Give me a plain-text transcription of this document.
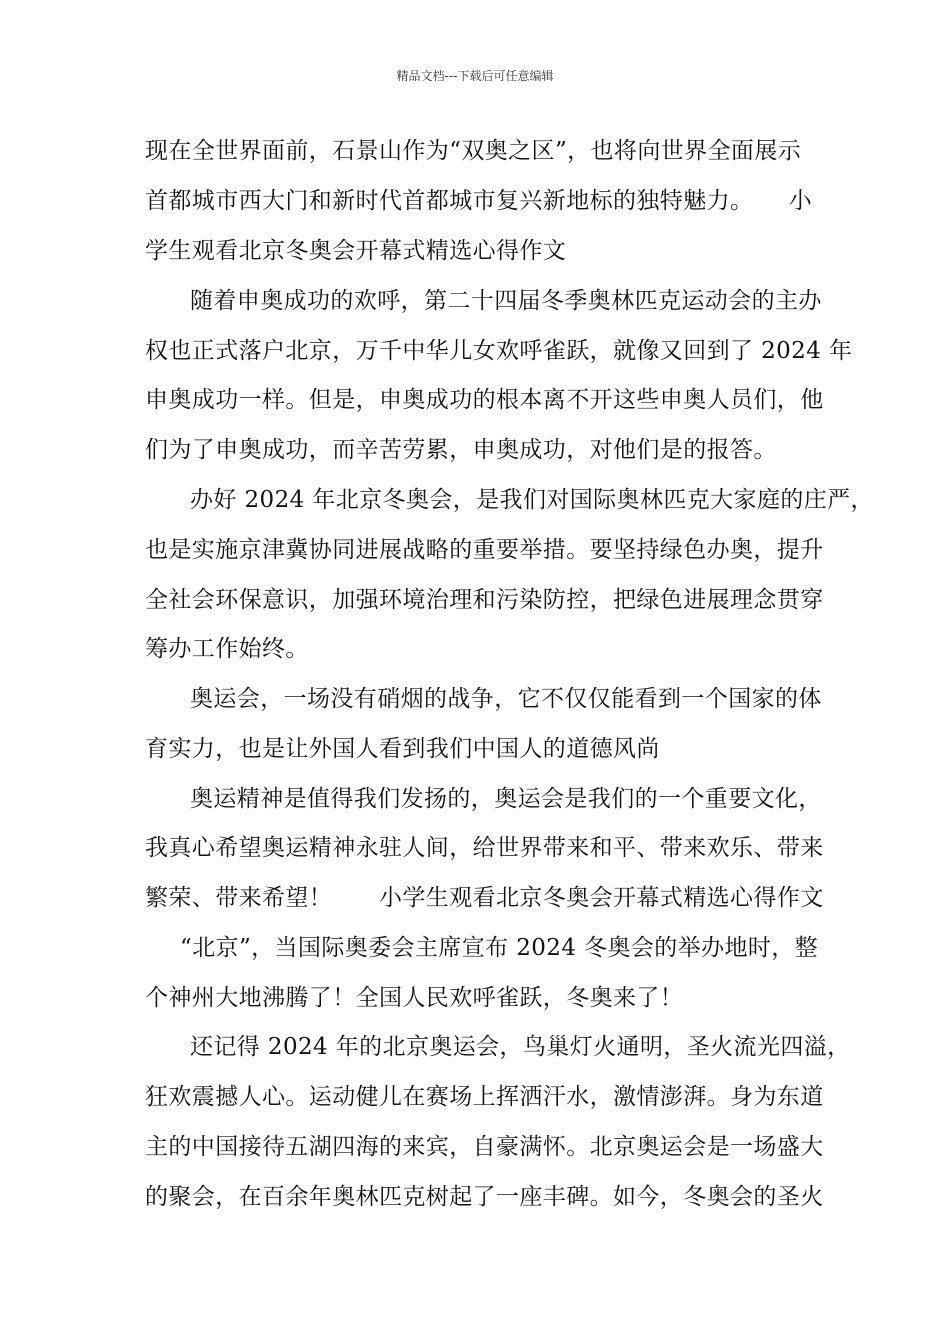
精品文档---下载后可任意编辑
现在全世界面前，石景山作为“双奥之区”，也将向世界全面展示
首都城市西大门和新时代首都城市复兴新地标的独特魅力。　　小
学生观看北京冬奥会开幕式精选心得作文
随着申奥成功的欢呼，第二十四届冬季奥林匹克运动会的主办
权也正式落户北京，万千中华儿女欢呼雀跃，就像又回到了 2024 年
申奥成功一样。但是，申奥成功的根本离不开这些申奥人员们，他
们为了申奥成功，而辛苦劳累，申奥成功，对他们是的报答。
办好 2024 年北京冬奥会，是我们对国际奥林匹克大家庭的庄严，
也是实施京津冀协同进展战略的重要举措。要坚持绿色办奥，提升
全社会环保意识，加强环境治理和污染防控，把绿色进展理念贯穿
筹办工作始终。
奥运会，一场没有硝烟的战争，它不仅仅能看到一个国家的体
育实力，也是让外国人看到我们中国人的道德风尚
奥运精神是值得我们发扬的，奥运会是我们的一个重要文化，
我真心希望奥运精神永驻人间，给世界带来和平、带来欢乐、带来
繁荣、带来希望！　　小学生观看北京冬奥会开幕式精选心得作文
“北京”，当国际奥委会主席宣布 2024 冬奥会的举办地时，整
个神州大地沸腾了！全国人民欢呼雀跃，冬奥来了！
还记得 2024 年的北京奥运会，鸟巢灯火通明，圣火流光四溢，
狂欢震撼人心。运动健儿在赛场上挥洒汗水，激情澎湃。身为东道
主的中国接待五湖四海的来宾，自豪满怀。北京奥运会是一场盛大
的聚会，在百余年奥林匹克树起了一座丰碑。如今，冬奥会的圣火
